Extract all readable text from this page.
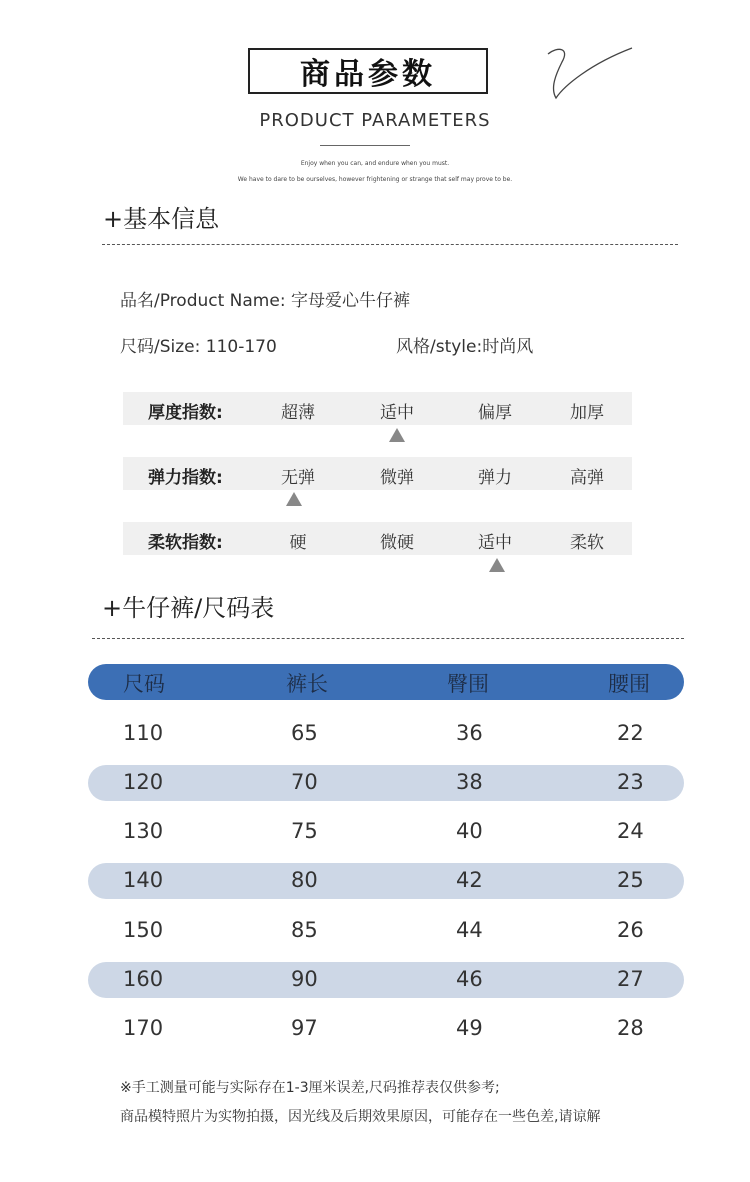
商品参数
PRODUCT PARAMETERS
Enjoy when you can, and endure when you must.
We have to dare to be ourselves, however frightening or strange that self may prove to be.
+基本信息
品名/Product Name: 字母爱心牛仔裤
尺码/Size: 110-170	风格/style:时尚风
厚度指数:	超薄	适中	偏厚	加厚
弹力指数:	无弹	微弹	弹力	高弹
柔软指数:	硬	微硬	适中	柔软
+牛仔裤/尺码表
尺码	裤长	臀围	腰围
110	65	36	22
120	70	38	23
130	75	40	24
140	80	42	25
150	85	44	26
160	90	46	27
170	97	49	28
※手工测量可能与实际存在1-3厘米误差,尺码推荐表仅供参考;
商品模特照片为实物拍摄，因光线及后期效果原因，可能存在一些色差,请谅解
